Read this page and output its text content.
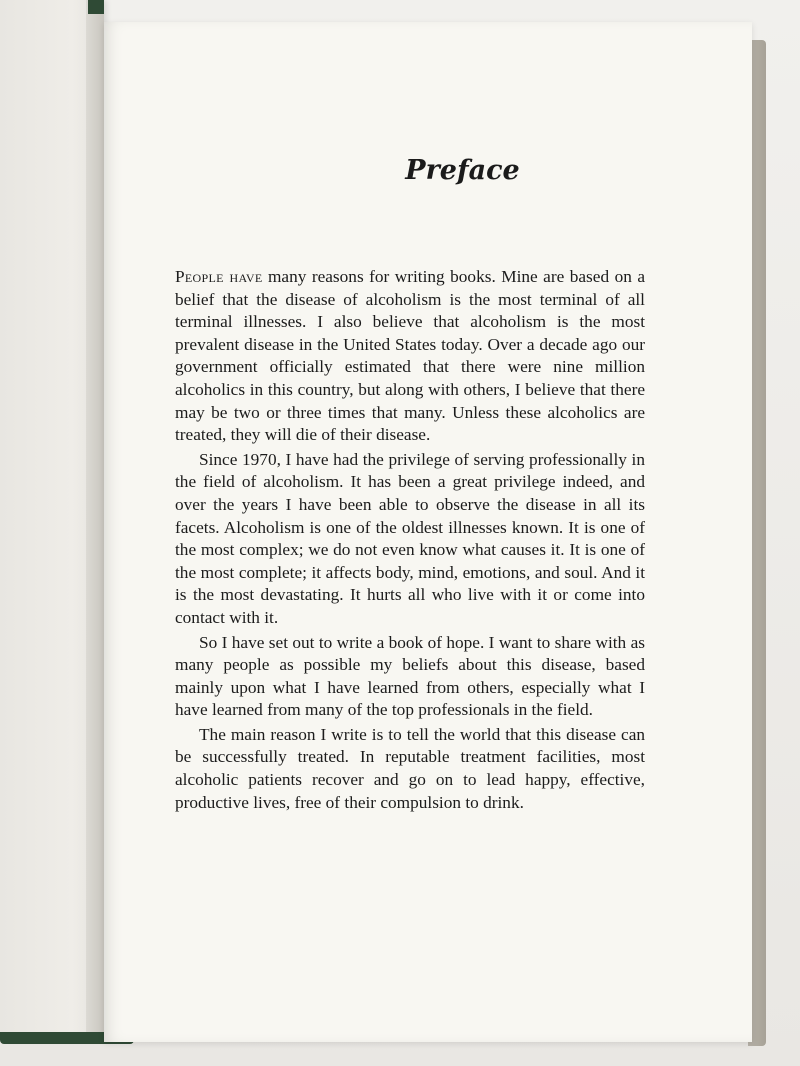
Preface

People have many reasons for writing books. Mine are based on a belief that the disease of alcoholism is the most terminal of all terminal illnesses. I also believe that alcoholism is the most prevalent disease in the United States today. Over a decade ago our government officially estimated that there were nine million alcoholics in this country, but along with others, I believe that there may be two or three times that many. Unless these alcoholics are treated, they will die of their disease.

Since 1970, I have had the privilege of serving professionally in the field of alcoholism. It has been a great privilege indeed, and over the years I have been able to observe the disease in all its facets. Alcoholism is one of the oldest illnesses known. It is one of the most complex; we do not even know what causes it. It is one of the most complete; it affects body, mind, emotions, and soul. And it is the most devastating. It hurts all who live with it or come into contact with it.

So I have set out to write a book of hope. I want to share with as many people as possible my beliefs about this disease, based mainly upon what I have learned from others, especially what I have learned from many of the top professionals in the field.

The main reason I write is to tell the world that this disease can be successfully treated. In reputable treatment facilities, most alcoholic patients recover and go on to lead happy, effective, productive lives, free of their compulsion to drink.
